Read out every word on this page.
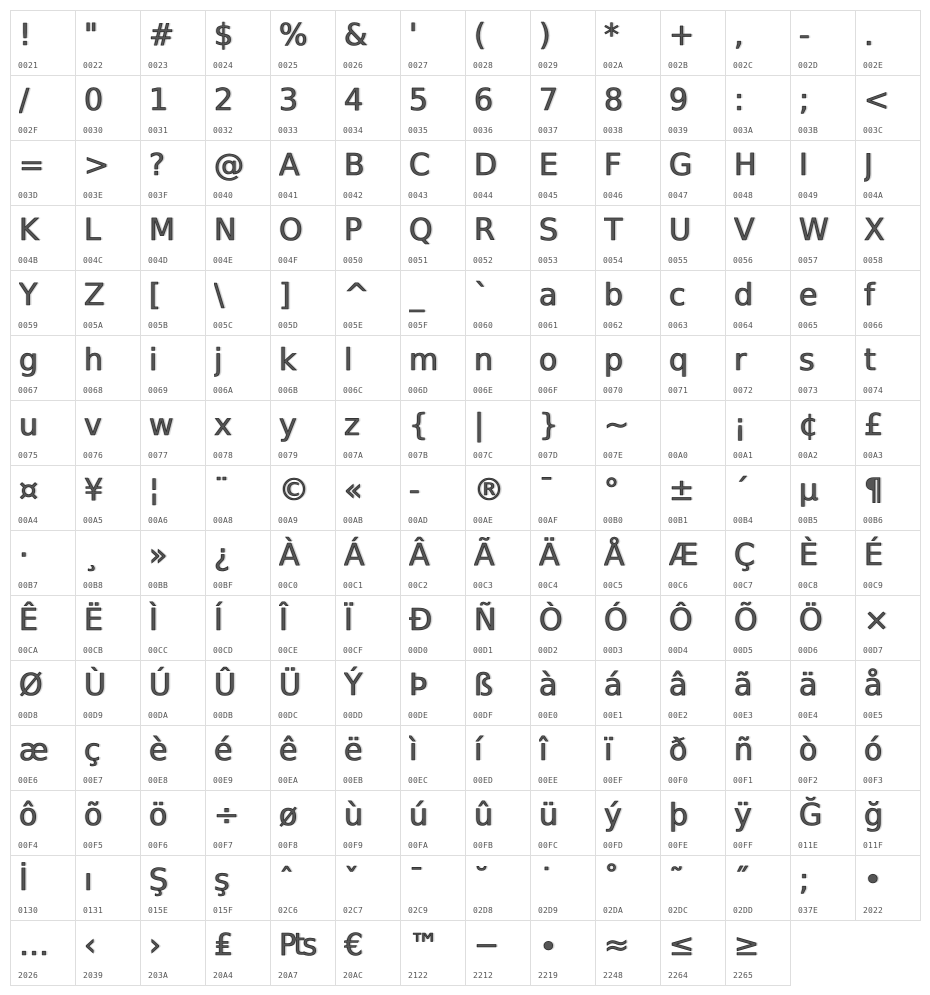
!
0021
"
0022
#
0023
$
0024
%
0025
&
0026
'
0027
(
0028
)
0029
*
002A
+
002B
,
002C
-
002D
.
002E
/
002F
0
0030
1
0031
2
0032
3
0033
4
0034
5
0035
6
0036
7
0037
8
0038
9
0039
:
003A
;
003B
<
003C
=
003D
>
003E
?
003F
@
0040
A
0041
B
0042
C
0043
D
0044
E
0045
F
0046
G
0047
H
0048
I
0049
J
004A
K
004B
L
004C
M
004D
N
004E
O
004F
P
0050
Q
0051
R
0052
S
0053
T
0054
U
0055
V
0056
W
0057
X
0058
Y
0059
Z
005A
[
005B
\
005C
]
005D
^
005E
_
005F
`
0060
a
0061
b
0062
c
0063
d
0064
e
0065
f
0066
g
0067
h
0068
i
0069
j
006A
k
006B
l
006C
m
006D
n
006E
o
006F
p
0070
q
0071
r
0072
s
0073
t
0074
u
0075
v
0076
w
0077
x
0078
y
0079
z
007A
{
007B
|
007C
}
007D
~
007E	00A0
¡
00A1
¢
00A2
£
00A3
¤
00A4
¥
00A5
¦
00A6
¨
00A8
©
00A9
«
00AB
-
00AD
®
00AE
¯
00AF
°
00B0
±
00B1
´
00B4
µ
00B5
¶
00B6
·
00B7
¸
00B8
»
00BB
¿
00BF
À
00C0
Á
00C1
Â
00C2
Ã
00C3
Ä
00C4
Å
00C5
Æ
00C6
Ç
00C7
È
00C8
É
00C9
Ê
00CA
Ë
00CB
Ì
00CC
Í
00CD
Î
00CE
Ï
00CF
Ð
00D0
Ñ
00D1
Ò
00D2
Ó
00D3
Ô
00D4
Õ
00D5
Ö
00D6
×
00D7
Ø
00D8
Ù
00D9
Ú
00DA
Û
00DB
Ü
00DC
Ý
00DD
Þ
00DE
ß
00DF
à
00E0
á
00E1
â
00E2
ã
00E3
ä
00E4
å
00E5
æ
00E6
ç
00E7
è
00E8
é
00E9
ê
00EA
ë
00EB
ì
00EC
í
00ED
î
00EE
ï
00EF
ð
00F0
ñ
00F1
ò
00F2
ó
00F3
ô
00F4
õ
00F5
ö
00F6
÷
00F7
ø
00F8
ù
00F9
ú
00FA
û
00FB
ü
00FC
ý
00FD
þ
00FE
ÿ
00FF
Ğ
011E
ğ
011F
İ
0130
ı
0131
Ş
015E
ş
015F
ˆ
02C6
ˇ
02C7
ˉ
02C9
˘
02D8
˙
02D9
˚
02DA
˜
02DC
˝
02DD
;
037E
•
2022
…
2026
‹
2039
›
203A
₤
20A4
₧
20A7
€
20AC
™
2122
−
2212
∙
2219
≈
2248
≤
2264
≥
2265
